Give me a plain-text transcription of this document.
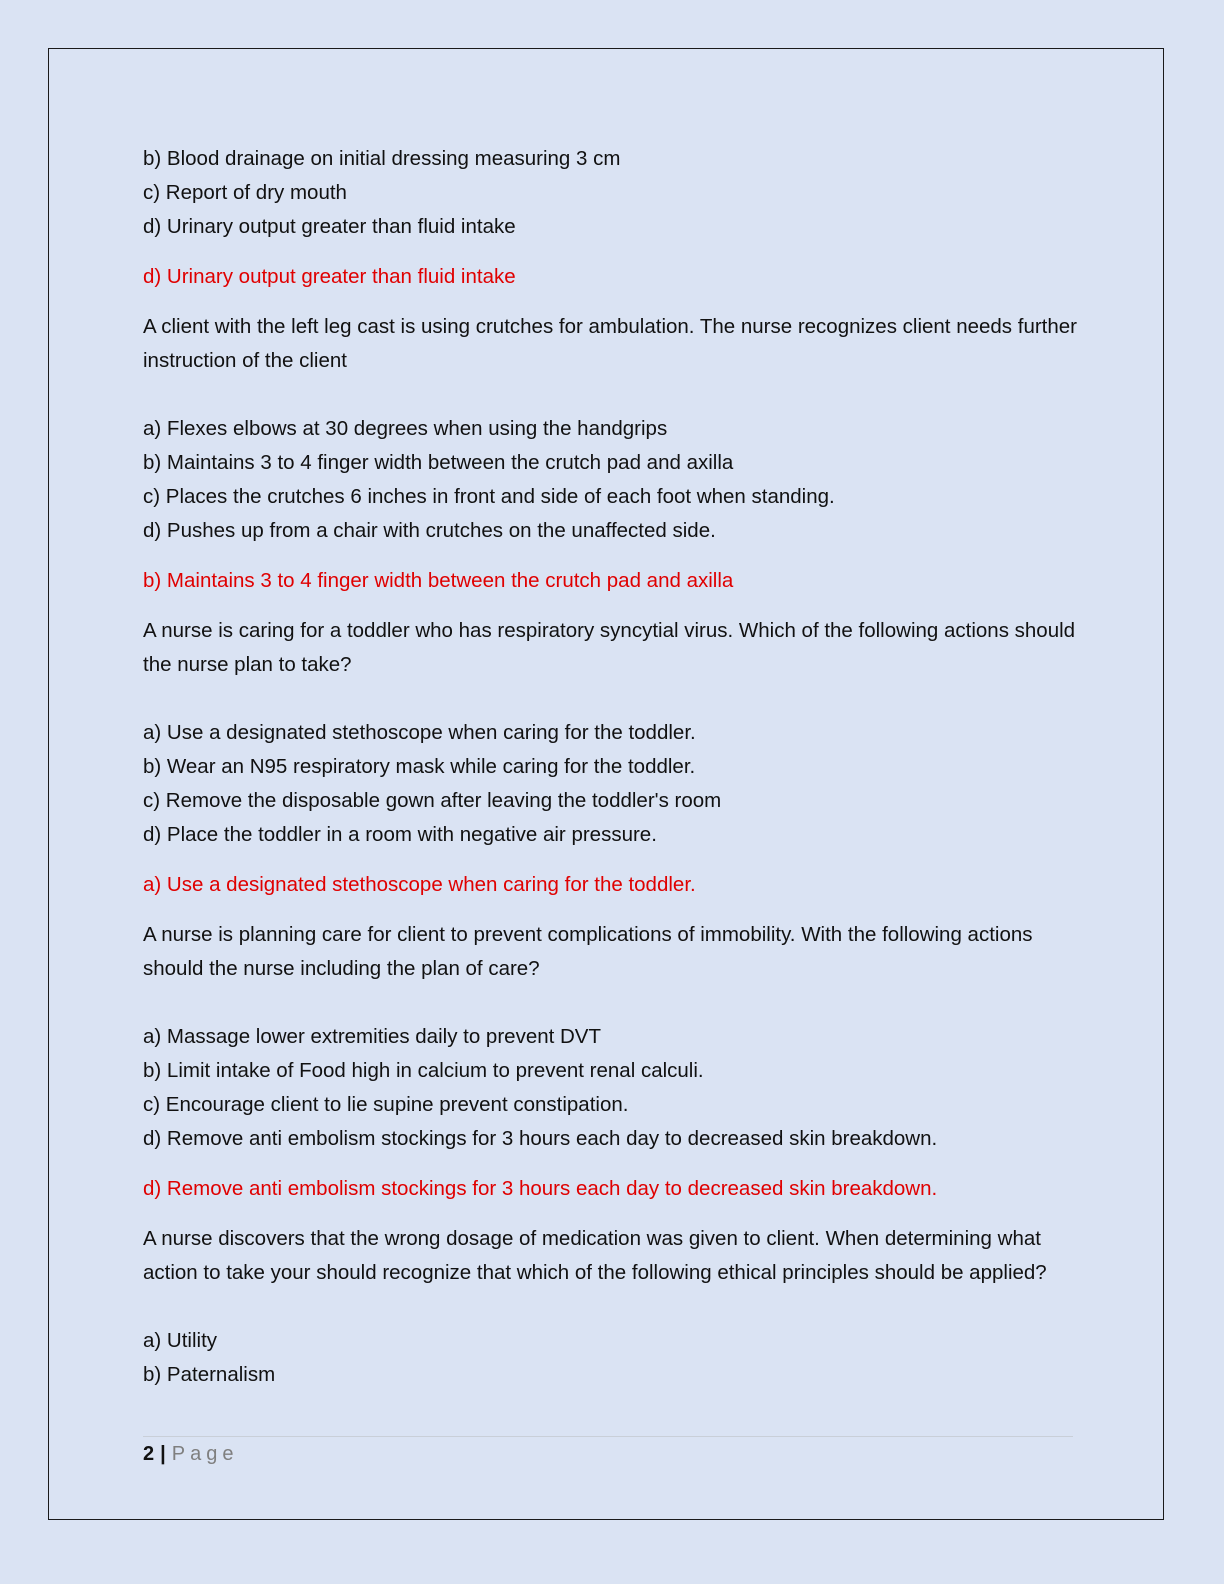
b) Blood drainage on initial dressing measuring 3 cm
c) Report of dry mouth
d) Urinary output greater than fluid intake
d) Urinary output greater than fluid intake
A client with the left leg cast is using crutches for ambulation. The nurse recognizes client needs further instruction of the client
a) Flexes elbows at 30 degrees when using the handgrips
b) Maintains 3 to 4 finger width between the crutch pad and axilla
c) Places the crutches 6 inches in front and side of each foot when standing.
d) Pushes up from a chair with crutches on the unaffected side.
b) Maintains 3 to 4 finger width between the crutch pad and axilla
A nurse is caring for a toddler who has respiratory syncytial virus. Which of the following actions should the nurse plan to take?
a) Use a designated stethoscope when caring for the toddler.
b) Wear an N95 respiratory mask while caring for the toddler.
c) Remove the disposable gown after leaving the toddler's room
d) Place the toddler in a room with negative air pressure.
a) Use a designated stethoscope when caring for the toddler.
A nurse is planning care for client to prevent complications of immobility. With the following actions should the nurse including the plan of care?
a) Massage lower extremities daily to prevent DVT
b) Limit intake of Food high in calcium to prevent renal calculi.
c) Encourage client to lie supine prevent constipation.
d) Remove anti embolism stockings for 3 hours each day to decreased skin breakdown.
d) Remove anti embolism stockings for 3 hours each day to decreased skin breakdown.
A nurse discovers that the wrong dosage of medication was given to client. When determining what action to take your should recognize that which of the following ethical principles should be applied?
a) Utility
b) Paternalism
2 | Page
